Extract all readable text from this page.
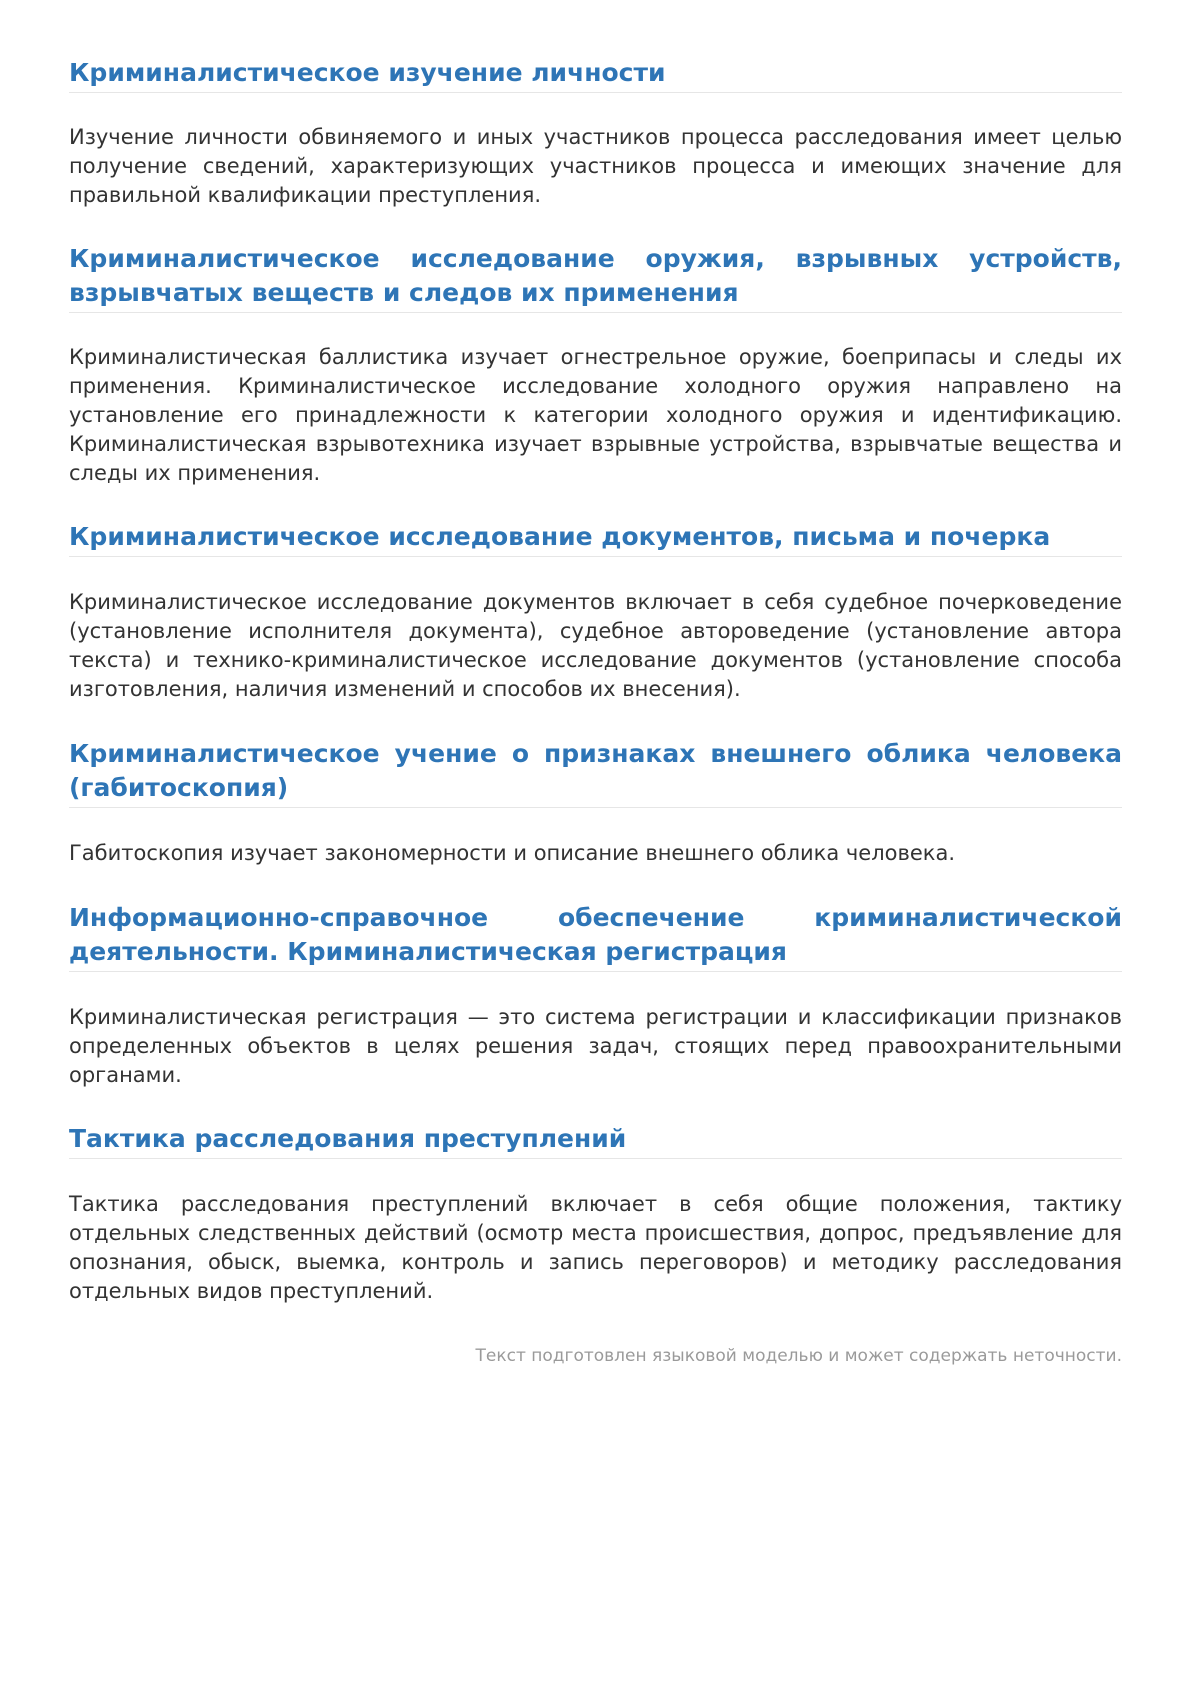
Криминалистическое изучение личности

Изучение личности обвиняемого и иных участников процесса расследования имеет целью получение сведений, характеризующих участников процесса и имеющих значение для правильной квалификации преступления.

Криминалистическое исследование оружия, взрывных устройств, взрывчатых веществ и следов их применения

Криминалистическая баллистика изучает огнестрельное оружие, боеприпасы и следы их применения. Криминалистическое исследование холодного оружия направлено на установление его принадлежности к категории холодного оружия и идентификацию. Криминалистическая взрывотехника изучает взрывные устройства, взрывчатые вещества и следы их применения.

Криминалистическое исследование документов, письма и почерка

Криминалистическое исследование документов включает в себя судебное почерковедение (установление исполнителя документа), судебное автороведение (установление автора текста) и технико-криминалистическое исследование документов (установление способа изготовления, наличия изменений и способов их внесения).

Криминалистическое учение о признаках внешнего облика человека (габитоскопия)

Габитоскопия изучает закономерности и описание внешнего облика человека.

Информационно-справочное обеспечение криминалистической деятельности. Криминалистическая регистрация

Криминалистическая регистрация — это система регистрации и классификации признаков определенных объектов в целях решения задач, стоящих перед правоохранительными органами.

Тактика расследования преступлений

Тактика расследования преступлений включает в себя общие положения, тактику отдельных следственных действий (осмотр места происшествия, допрос, предъявление для опознания, обыск, выемка, контроль и запись переговоров) и методику расследования отдельных видов преступлений.

Текст подготовлен языковой моделью и может содержать неточности.
